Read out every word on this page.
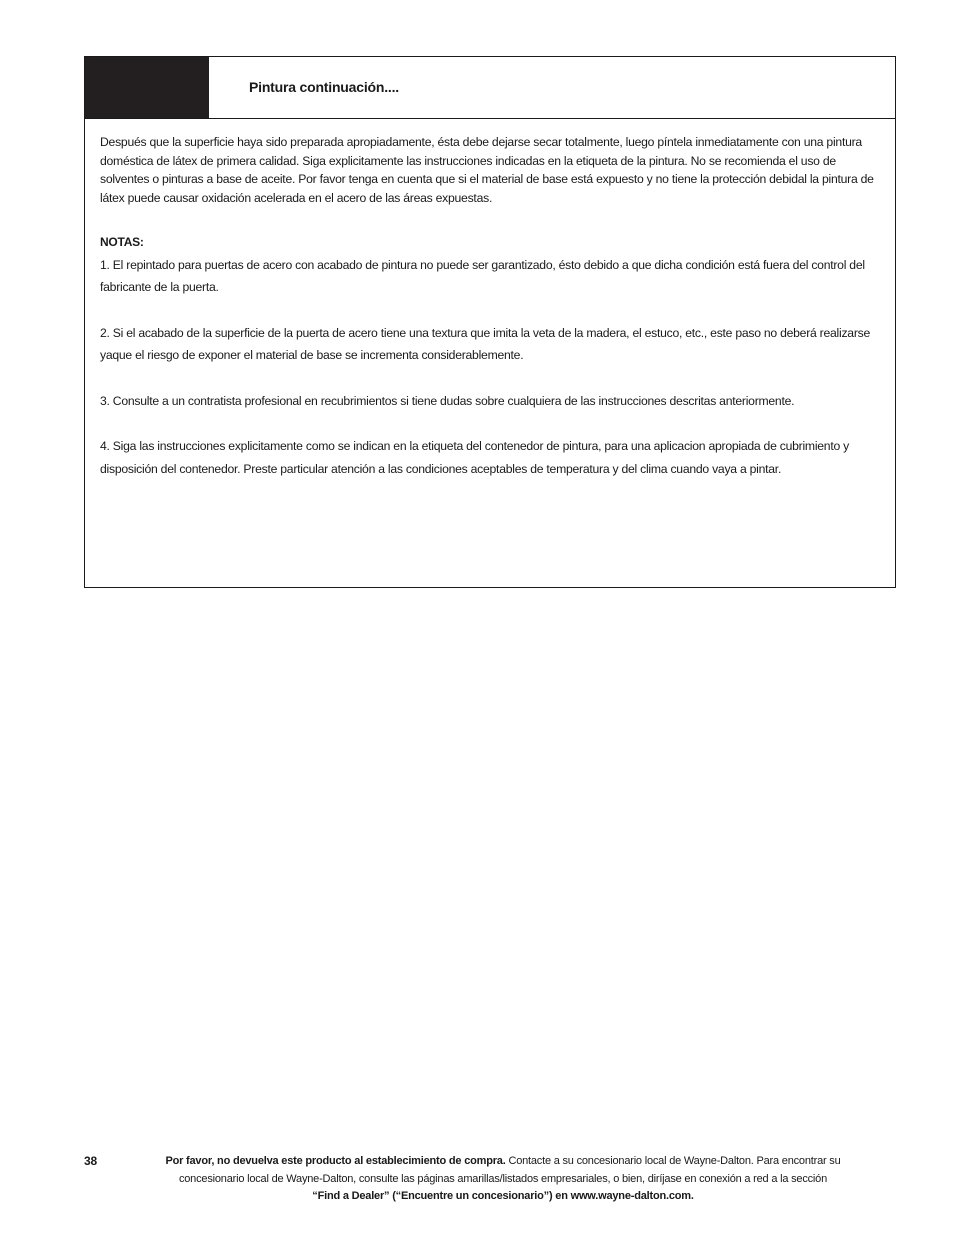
Pintura continuación....

Después que la superficie haya sido preparada apropiadamente, ésta debe dejarse secar totalmente, luego píntela inmediatamente con una pintura doméstica de látex de primera calidad. Siga explicitamente las instrucciones indicadas en la etiqueta de la pintura. No se recomienda el uso de solventes o pinturas a base de aceite. Por favor tenga en cuenta que si el material de base está expuesto y no tiene la protección debidal la pintura de látex puede causar oxidación acelerada en el acero de las áreas expuestas.

NOTAS:

1. El repintado para puertas de acero con acabado de pintura no puede ser garantizado, ésto debido a que dicha condición está fuera del control del fabricante de la puerta.

2. Si el acabado de la superficie de la puerta de acero tiene una textura que imita la veta de la madera, el estuco, etc., este paso no deberá realizarse yaque el riesgo de exponer el material de base se incrementa considerablemente.

3. Consulte a un contratista profesional en recubrimientos si tiene dudas sobre cualquiera de las instrucciones descritas anteriormente.

4. Siga las instrucciones explicitamente como se indican en la etiqueta del contenedor de pintura, para una aplicacion apropiada de cubrimiento y disposición del contenedor. Preste particular atención a las condiciones aceptables de temperatura y del clima cuando vaya a pintar.

38	Por favor, no devuelva este producto al establecimiento de compra. Contacte a su concesionario local de Wayne-Dalton. Para encontrar su
concesionario local de Wayne-Dalton, consulte las páginas amarillas/listados empresariales, o bien, diríjase en conexión a red a la sección
“Find a Dealer” (“Encuentre un concesionario”) en www.wayne-dalton.com.
